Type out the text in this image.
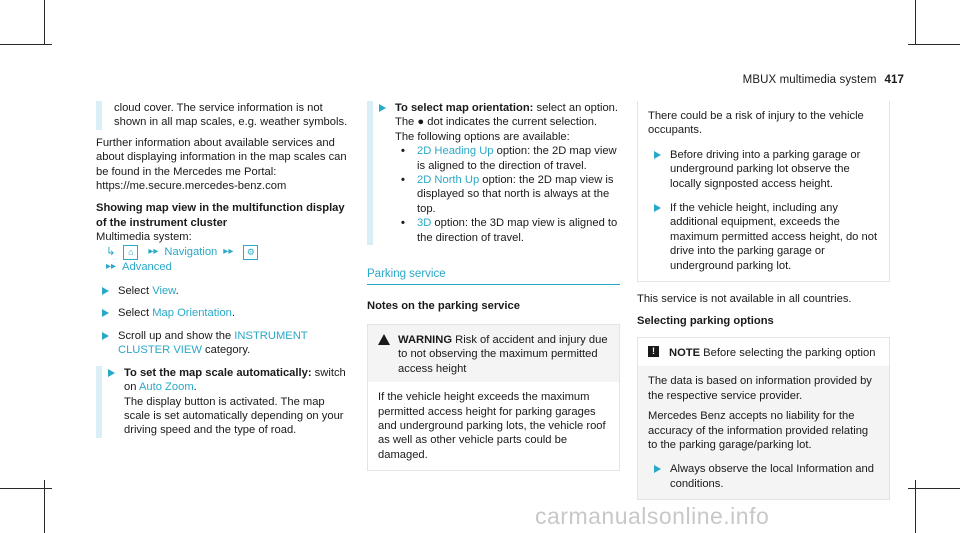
MBUX multimedia system 417

cloud cover. The service information is not shown in all map scales, e.g. weather symbols.

Further information about available services and about displaying information in the map scales can be found in the Mercedes me Portal:

https://me.secure.mercedes-benz.com

Showing map view in the multifunction display of the instrument cluster

Multimedia system:

↳	⌂	▸▸ Navigation ▸▸	⚙
▸▸ Advanced
Select View.
Select Map Orientation.
Scroll up and show the INSTRUMENT CLUSTER VIEW category.
To set the map scale automatically: switch on Auto Zoom.

The display button is activated. The map scale is set automatically depending on your driving speed and the type of road.

To select map orientation: select an option.

The ● dot indicates the current selection.

The following options are available:

• 2D Heading Up option: the 2D map view is aligned to the direction of travel.
• 2D North Up option: the 2D map view is displayed so that north is always at the top.
• 3D option: the 3D map view is aligned to the direction of travel.
Parking service

Notes on the parking service

WARNING Risk of accident and injury due to not observing the maximum permitted access height

If the vehicle height exceeds the maximum permitted access height for parking garages and underground parking lots, the vehicle roof as well as other vehicle parts could be damaged.

There could be a risk of injury to the vehicle occupants.

Before driving into a parking garage or underground parking lot observe the locally signposted access height.
If the vehicle height, including any additional equipment, exceeds the maximum permitted access height, do not drive into the parking garage or underground parking lot.

This service is not available in all countries.

Selecting parking options

!	NOTE Before selecting the parking option

The data is based on information provided by the respective service provider.

Mercedes Benz accepts no liability for the accuracy of the information provided relating to the parking garage/parking lot.

Always observe the local Information and conditions.
carmanualsonline.info
